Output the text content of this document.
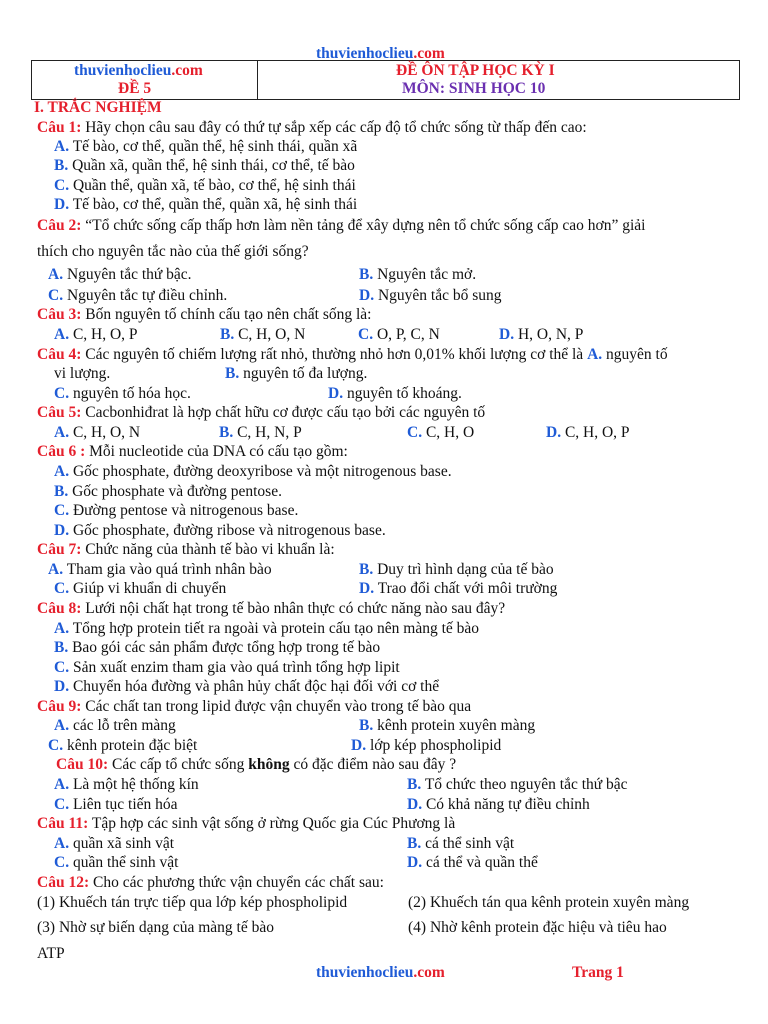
thuvienhoclieu.com
thuvienhoclieu.com
ĐỀ 5
ĐỀ ÔN TẬP HỌC KỲ I
MÔN: SINH HỌC 10
I. TRẮC NGHIỆM
Câu 1: Hãy chọn câu sau đây có thứ tự sắp xếp các cấp độ tổ chức sống từ thấp đến cao:
A. Tế bào, cơ thể, quần thể, hệ sinh thái, quần xã
B. Quần xã, quần thể, hệ sinh thái, cơ thể, tế bào
C. Quần thể, quần xã, tế bào, cơ thể, hệ sinh thái
D. Tế bào, cơ thể, quần thể, quần xã, hệ sinh thái
Câu 2: “Tổ chức sống cấp thấp hơn làm nền tảng để xây dựng nên tổ chức sống cấp cao hơn” giải
thích cho nguyên tắc nào của thế giới sống?
A. Nguyên tắc thứ bậc.	B. Nguyên tắc mở.
C. Nguyên tắc tự điều chỉnh.	D. Nguyên tắc bổ sung
Câu 3: Bốn nguyên tố chính cấu tạo nên chất sống là:
A. C, H, O, P	B. C, H, O, N	C. O, P, C, N	D. H, O, N, P
Câu 4: Các nguyên tố chiếm lượng rất nhỏ, thường nhỏ hơn 0,01% khối lượng cơ thể là A. nguyên tố
vi lượng.	B. nguyên tố đa lượng.
C. nguyên tố hóa học.	D. nguyên tố khoáng.
Câu 5: Cacbonhiđrat là hợp chất hữu cơ được cấu tạo bởi các nguyên tố
A. C, H, O, N	B. C, H, N, P	C. C, H, O	D. C, H, O, P
Câu 6 : Mỗi nucleotide của DNA có cấu tạo gồm:
A. Gốc phosphate, đường deoxyribose và một nitrogenous base.
B. Gốc phosphate và đường pentose.
C. Đường pentose và nitrogenous base.
D. Gốc phosphate, đường ribose và nitrogenous base.
Câu 7: Chức năng của thành tế bào vi khuẩn là:
A. Tham gia vào quá trình nhân bào	B. Duy trì hình dạng của tế bào
C. Giúp vi khuẩn di chuyển	D. Trao đổi chất với môi trường
Câu 8: Lưới nội chất hạt trong tế bào nhân thực có chức năng nào sau đây?
A. Tổng hợp protein tiết ra ngoài và protein cấu tạo nên màng tế bào
B. Bao gói các sản phẩm được tổng hợp trong tế bào
C. Sản xuất enzim tham gia vào quá trình tổng hợp lipit
D. Chuyển hóa đường và phân hủy chất độc hại đối với cơ thể
Câu 9: Các chất tan trong lipid được vận chuyển vào trong tế bào qua
A. các lỗ trên màng	B. kênh protein xuyên màng
C. kênh protein đặc biệt	D. lớp kép phospholipid
Câu 10: Các cấp tổ chức sống không có đặc điểm nào sau đây ?
A. Là một hệ thống kín	B. Tổ chức theo nguyên tắc thứ bậc
C. Liên tục tiến hóa	D. Có khả năng tự điều chỉnh
Câu 11: Tập hợp các sinh vật sống ở rừng Quốc gia Cúc Phương là
A. quần xã sinh vật	B. cá thể sinh vật
C. quần thể sinh vật	D. cá thể và quần thể
Câu 12: Cho các phương thức vận chuyển các chất sau:
(1) Khuếch tán trực tiếp qua lớp kép phospholipid	(2) Khuếch tán qua kênh protein xuyên màng
(3) Nhờ sự biến dạng của màng tế bào	(4) Nhờ kênh protein đặc hiệu và tiêu hao
ATP
thuvienhoclieu.com	Trang 1
